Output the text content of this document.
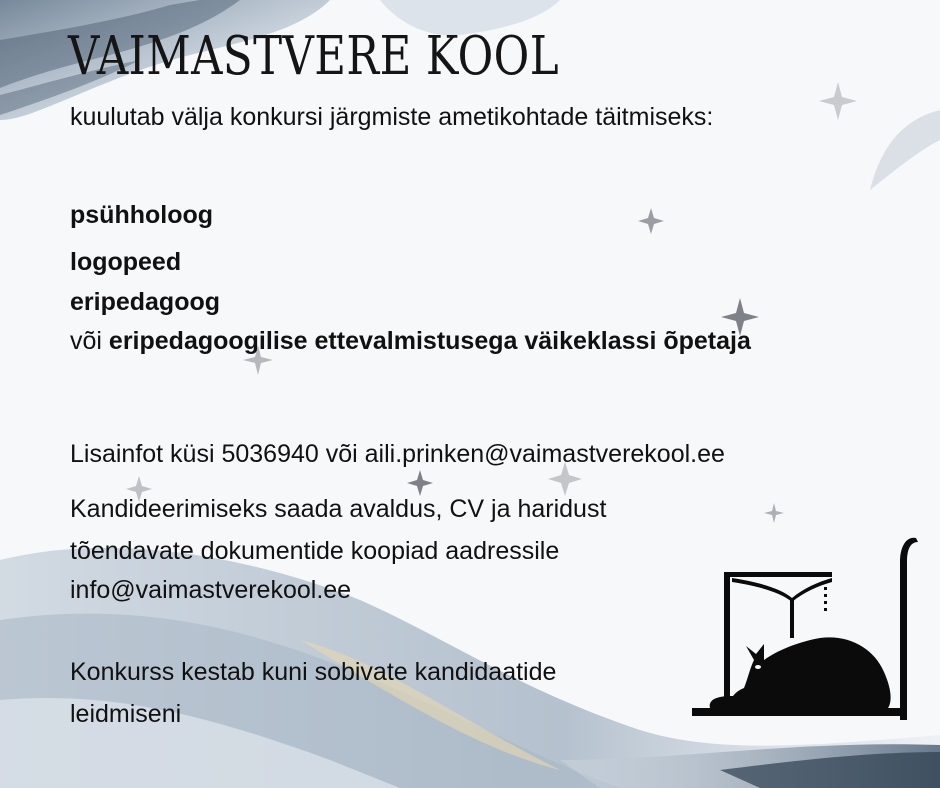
VAIMASTVERE KOOL
kuulutab välja konkursi järgmiste ametikohtade täitmiseks:
psühholoog
logopeed
eripedagoog
või eripedagoogilise ettevalmistusega väikeklassi õpetaja
Lisainfot küsi 5036940 või aili.prinken@vaimastverekool.ee
Kandideerimiseks saada avaldus, CV ja haridust
tõendavate dokumentide koopiad aadressile
info@vaimastverekool.ee
Konkurss kestab kuni sobivate kandidaatide
leidmiseni
